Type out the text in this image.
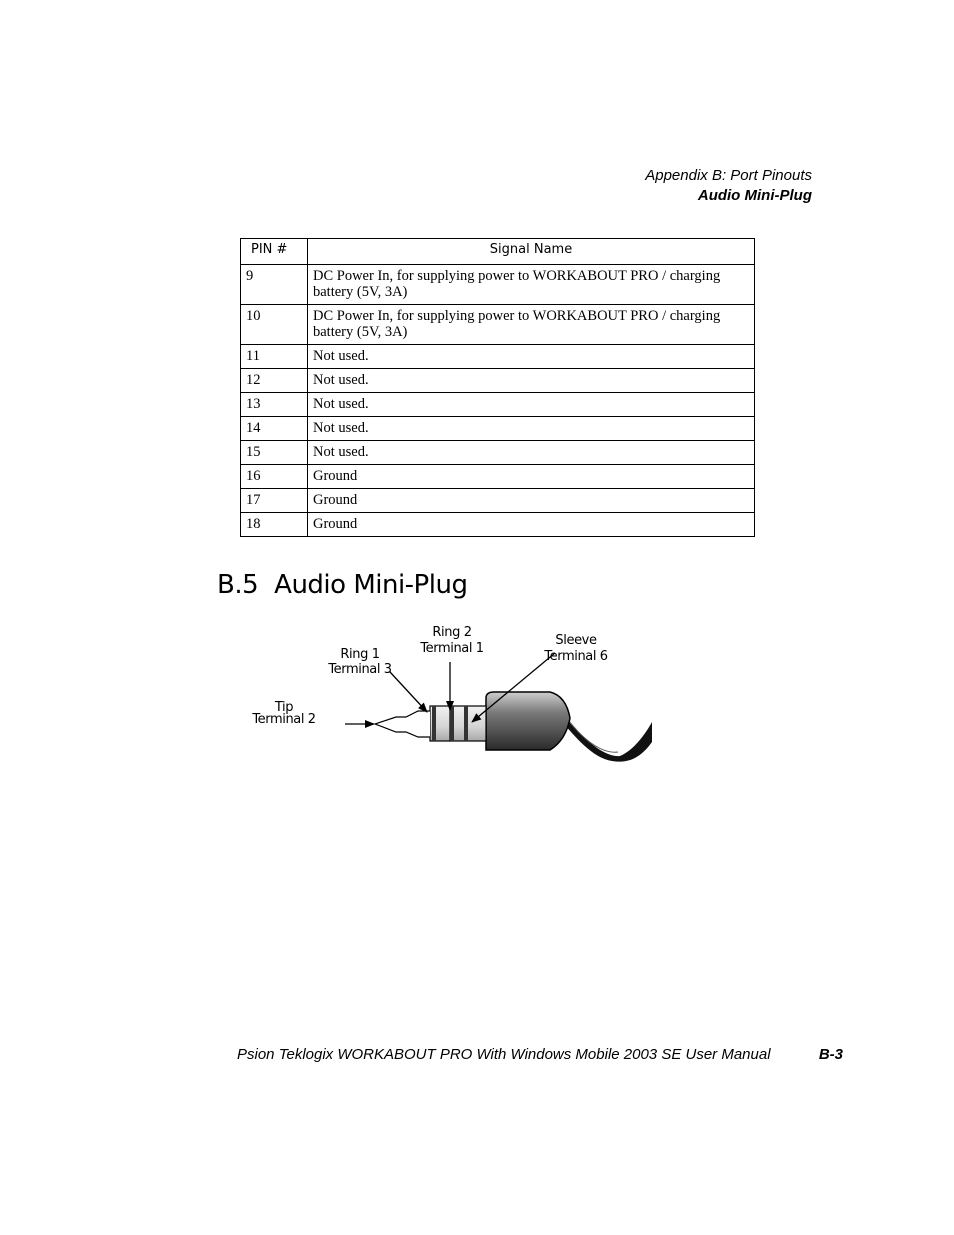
Appendix B: Port Pinouts
Audio Mini-Plug
PIN #	Signal Name
9	DC Power In, for supplying power to WORKABOUT PRO / charging battery (5V, 3A)
10	DC Power In, for supplying power to WORKABOUT PRO / charging battery (5V, 3A)
11	Not used.
12	Not used.
13	Not used.
14	Not used.
15	Not used.
16	Ground
17	Ground
18	Ground
B.5 Audio Mini-Plug
Ring 2
Terminal 1
Ring 1
Terminal 3
Sleeve
Terminal 6
Tip
Terminal 2
Psion Teklogix WORKABOUT PRO With Windows Mobile 2003 SE User Manual	B-3
